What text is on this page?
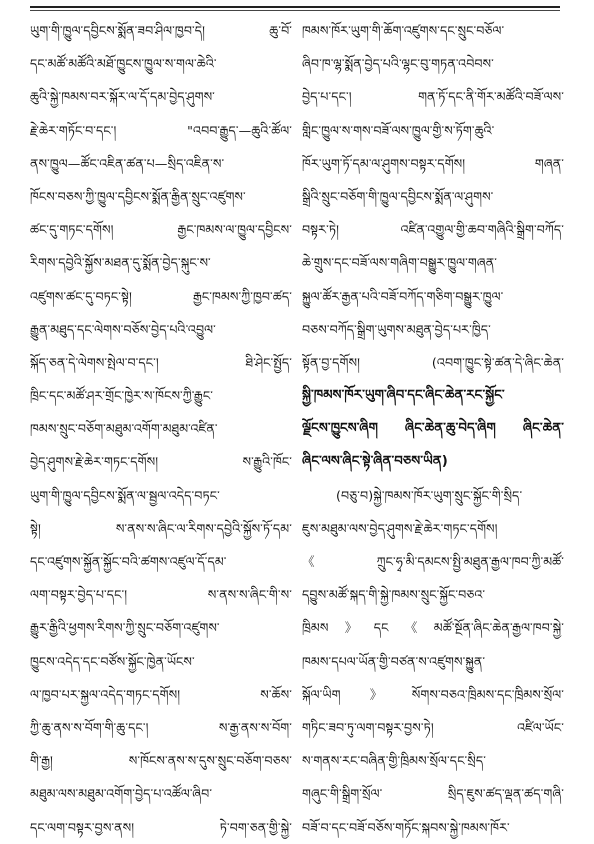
ཡུག་གི་ཁྱུལ་དབྱིངས་སྨོན་ཟབ་ཤིལ་ཁྱབ་དེ། ཆུ་བོ་
དང་མཚོ་མཚོའི་མཐོ་ཁྱུངས་ཁྱུལ་ས་གལ་ཆེའི་
ཆུའི་སྐྱེ་ཁམས་བར་སྐོར་ལ་དོ་དམ་བྱེད་ཤུགས་
རྗེ་ཆེར་གཏོང་བ་དང་། "འབབ་རྒྱུད་—ཆུའི་ཚོལ་
ནས་ཁྱུལ—ཚོང་འཇིན་ཚན་པ—སྲིད་འཇིན་ས་
ཁོངས་བཅས་ཀྱི་ཁྱུལ་དབྱིངས་སྨོན་རྒྱིན་སྲུང་འཛུགས་
ཚང་དུ་གཏང་དགོས། རྒྱང་ཁམས་ལ་ཁྱུལ་དབྱིངས་
རིགས་དབྱེའི་སྐྱོས་མཐན་དུ་སྨོན་བྱེད་སྐུང་ས་
འཛུགས་ཚང་དུ་བཏང་སྟེ། རྒྱང་ཁམས་ཀྱི་ཁྱབ་ཚད་
རྒྱུན་མཐུད་དང་ལེགས་བཅོས་བྱེད་པའི་འབྱུལ་
སྐོད་ཅན་དེ་ལེགས་སྤེལ་བ་དང་། ཐི་ཤེང་སྤྱོད་
ཁྲིང་དང་མཚོ་ཤར་གྲོང་ཁྱེར་ས་ཁོངས་ཀྱི་རྒྱུང་
ཁམས་སྲུང་བཅོག་མཐུམ་འགོག་མཐུམ་འཛིན་
བྱེད་ཤུགས་རྗེ་ཆེར་གཏང་དགོས། ས་རྒྱུའི་ཁོང་
ཡུག་གི་ཁྱུལ་དབྱིངས་སྨོན་ལ་སྦྱལ་འདེད་བཏང་
སྟེ། ས་ནས་ས་ཞིང་ལ་རིགས་དབྱེའི་སྐྱོས་ཏོ་དམ་
དང་འཛུགས་སྐྱོན་སྐྱོང་བའི་ཚགས་འཛུལ་དོ་དམ་
ལག་བསྟར་བྱེད་པ་དང་། ས་ནས་ས་ཞིང་གི་ས་
རྒྱུར་རྒྱིའི་ཕྱགས་རིགས་ཀྱི་སྲུང་བཅོག་འཛུགས་
ཁྱུངས་འདེད་དང་བཙོས་སྐྱོང་ཁྱེན་ཡོངས་
ལ་ཁྱབ་པར་སྐྱལ་འདེད་གཏང་དགོས། ས་ཆོས་
ཀྱི་ཆུ་ནས་ས་བོག་གི་ཆུ་དང་། ས་རྒྱ་ནས་ས་བོག་
གི་རྒྱ། ས་ཁོངས་ནས་ས་དུས་སྲུང་བཅོག་བཅས་
མཐུམ་ལས་མཐུམ་འགོག་བྱེད་པ་འཚོལ་ཞིབ་
དང་ལག་བསྟར་བྱས་ནས། ཏེ་བག་ཅན་གྱི་སྐྱེ་
ཁམས་ཁོར་ཡུག་གི་ཆོག་འཛུགས་དང་སྲུང་བཅོལ་
ཞིབ་ཁ་ལྷ་སྨོན་བྱེད་པའི་ལྷང་བུ་གཏན་འབེབས་
བྱེད་པ་དང་། གན་ཏོ་དང་ནི་གོར་མཚོའི་བཟོ་ལས་
གླིང་ཁྱུལ་ས་གས་བཟོ་ལས་ཁྱུལ་གྱི་ས་ཏོག་ཆུའི་
ཁོར་ཡུག་ཏོ་དམ་ལ་ཤུགས་བསྟར་དགོས། གཞན་
སྒྲིའི་སྲུང་བཅོག་གི་ཁྱུལ་དབྱིངས་སྨོན་ལ་ཤུགས་
བསྟར་ཏེ། འཛིན་འགྱུལ་གྱི་ཆབ་གཞིའི་སྒྲིག་བཀོད་
ཆེ་གྲུས་དང་བཟོ་ལས་གཞིག་བསྒྱུར་ཁྱུལ་གཞན་
སྐྱུལ་ཚོར་རྒྱན་པའི་བཟོ་བཀོད་གཅིག་བསྒྱུར་ཁྱུལ་
བཅས་བཀོད་སྒྲིག་ཡུགས་མཐུན་བྱེད་པར་ཁྱིད་
སྟོན་བྱ་དགོས། (འབག་ཁྱུང་སྟེ་ཚན་དེ་ཞིང་ཆེན་
སྐྱི་ཁམས་ཁོར་ཡུག་ཞིབ་དང་ཞིང་ཆེན་རང་སྐྱོང་
ལྗོངས་ཁྱུངས་ཞིག ཞིང་ཆེན་ཆུ་བེད་ཞིག ཞིང་ཆེན་
ཞིང་ལས་ཞིང་སྟེ་ཞིན་བཅས་ཡིན)
(བཅུ་བ)སྐྱེ་ཁམས་ཁོར་ཡུག་སྲུང་སྐྱོང་གི་སྲིད་
ཇུས་མཐུམ་ལས་བྱེད་ཤུགས་རྗེ་ཆེར་གཏང་དགོས།
《ཀྲུང་ཧྭ་མི་དམངས་སྤྱི་མཐུན་རྒྱལ་ཁབ་ཀྱི་མཚོ་
དབྱུས་མཚོ་སྐད་གི་སྐྱེ་ཁམས་སྲུང་སྐྱོང་བཅའ་
ཁྲིམས》དང《མཚོ་སྔོན་ཞིང་ཆེན་རྒྱལ་ཁབ་སྐྱེ་
ཁམས་དཔལ་ཡོན་གྱི་བཙན་ས་འཛུགས་སྐྱུན་
སྐོལ་ཡིག》སོགས་བཅའ་ཁྲིམས་དང་ཁྲིམས་སྲོལ་
གཏིང་ཟབ་ཏུ་ལག་བསྟར་བྱས་ཏེ། འཛིལ་ཡོང་
ས་གནས་རང་བཞིན་གྱི་ཁྲིམས་སྲོལ་དང་སྲིད་
གཞུང་གི་སྒྲིག་སྲོལ་ སྲིད་ཇུས་ཚད་ལྡན་ཚད་གཞི་
བཟོ་བ་དང་བཟོ་བཅོས་གཏོང་སྐབས་སྐྱེ་ཁམས་ཁོར་
